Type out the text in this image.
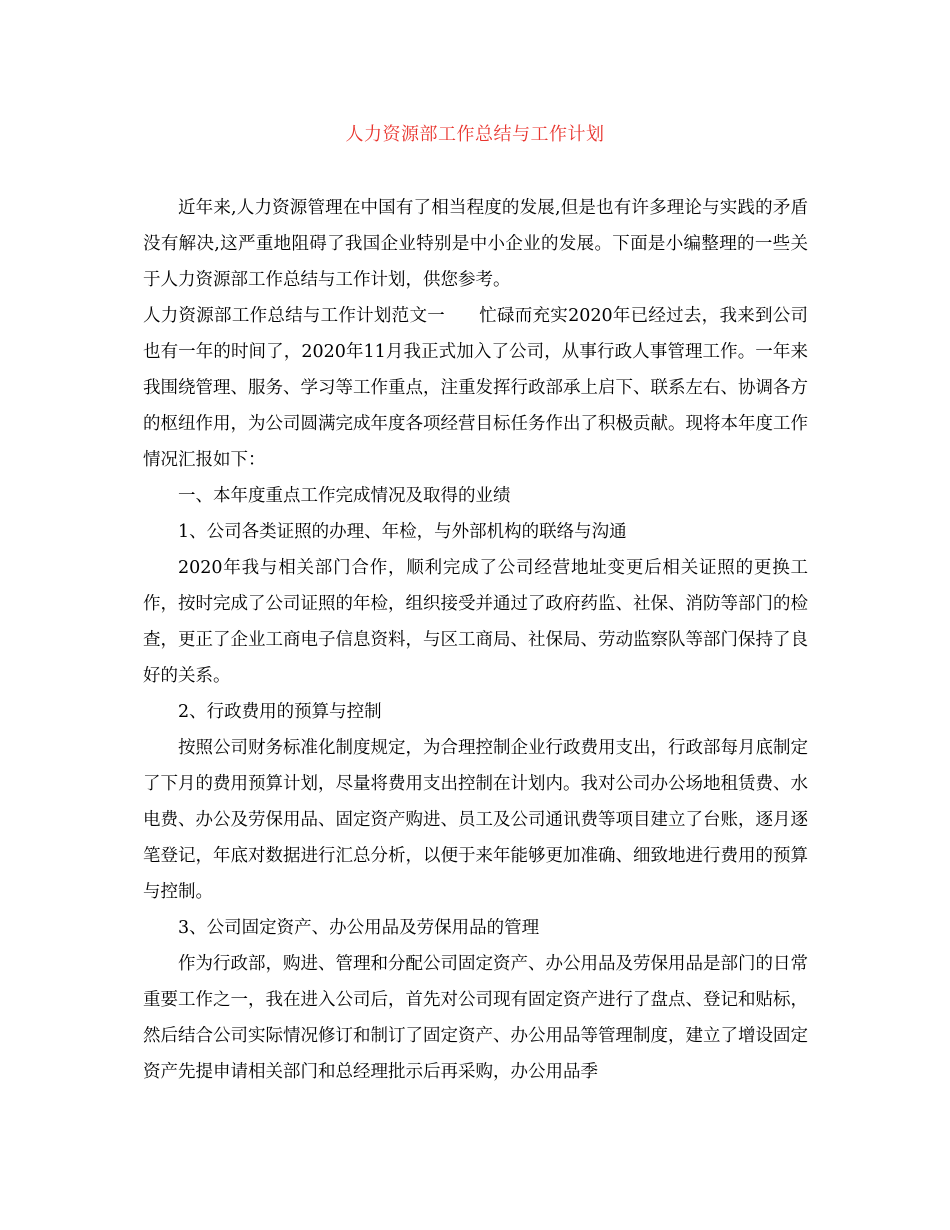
人力资源部工作总结与工作计划

近年来,人力资源管理在中国有了相当程度的发展,但是也有许多理论与实践的矛盾没有解决,这严重地阻碍了我国企业特别是中小企业的发展。下面是小编整理的一些关于人力资源部工作总结与工作计划，供您参考。

人力资源部工作总结与工作计划范文一 忙碌而充实2020年已经过去，我来到公司也有一年的时间了，2020年11月我正式加入了公司，从事行政人事管理工作。一年来我围绕管理、服务、学习等工作重点，注重发挥行政部承上启下、联系左右、协调各方的枢纽作用，为公司圆满完成年度各项经营目标任务作出了积极贡献。现将本年度工作情况汇报如下：

一、本年度重点工作完成情况及取得的业绩

1、公司各类证照的办理、年检，与外部机构的联络与沟通

2020年我与相关部门合作，顺利完成了公司经营地址变更后相关证照的更换工作，按时完成了公司证照的年检，组织接受并通过了政府药监、社保、消防等部门的检查，更正了企业工商电子信息资料，与区工商局、社保局、劳动监察队等部门保持了良好的关系。

2、行政费用的预算与控制

按照公司财务标准化制度规定，为合理控制企业行政费用支出，行政部每月底制定了下月的费用预算计划，尽量将费用支出控制在计划内。我对公司办公场地租赁费、水电费、办公及劳保用品、固定资产购进、员工及公司通讯费等项目建立了台账，逐月逐笔登记，年底对数据进行汇总分析，以便于来年能够更加准确、细致地进行费用的预算与控制。

3、公司固定资产、办公用品及劳保用品的管理

作为行政部，购进、管理和分配公司固定资产、办公用品及劳保用品是部门的日常重要工作之一，我在进入公司后，首先对公司现有固定资产进行了盘点、登记和贴标，然后结合公司实际情况修订和制订了固定资产、办公用品等管理制度，建立了增设固定资产先提申请相关部门和总经理批示后再采购，办公用品季
